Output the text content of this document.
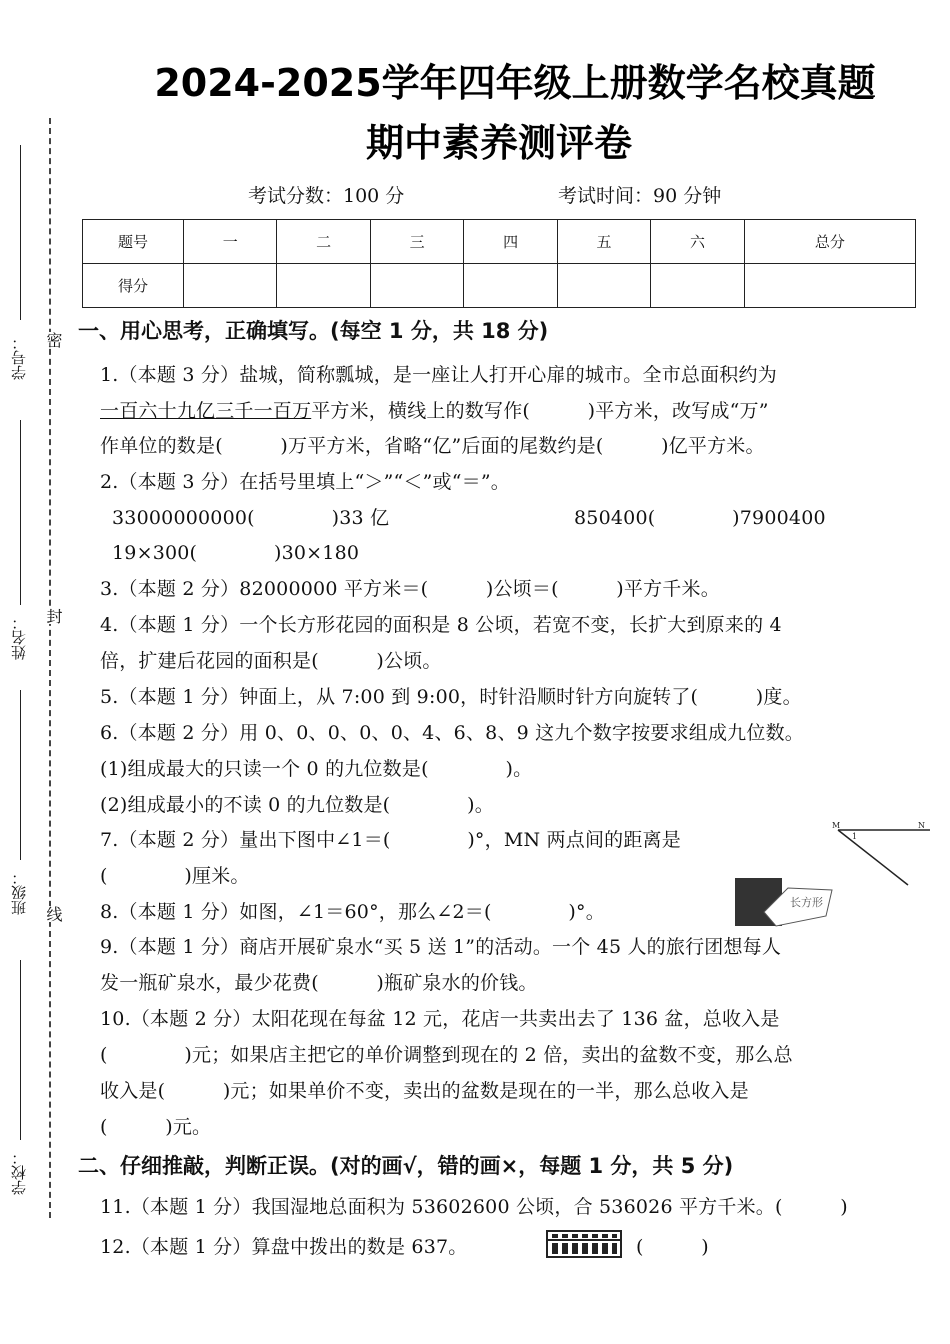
2024-2025学年四年级上册数学名校真题
期中素养测评卷
考试分数：100 分	考试时间：90 分钟
题号	一	二	三	四	五	六	总分
得分							
学号：
姓名：
班级：
学校：
密
封
线
一、用心思考，正确填写。(每空 1 分，共 18 分)
1.（本题 3 分）盐城，简称瓢城，是一座让人打开心扉的城市。全市总面积约为
一百六十九亿三千一百万平方米，横线上的数写作(　　　)平方米，改写成“万”
作单位的数是(　　　)万平方米，省略“亿”后面的尾数约是(　　　)亿平方米。
2.（本题 3 分）在括号里填上“＞”“＜”或“＝”。
33000000000(　　　　)33 亿	850400(　　　　)7900400
19×300(　　　　)30×180
3.（本题 2 分）82000000 平方米＝(　　　)公顷＝(　　　)平方千米。
4.（本题 1 分）一个长方形花园的面积是 8 公顷，若宽不变，长扩大到原来的 4
倍，扩建后花园的面积是(　　　)公顷。
5.（本题 1 分）钟面上，从 7:00 到 9:00，时针沿顺时针方向旋转了(　　　)度。
6.（本题 2 分）用 0、0、0、0、0、4、6、8、9 这九个数字按要求组成九位数。
(1)组成最大的只读一个 0 的九位数是(　　　　)。
(2)组成最小的不读 0 的九位数是(　　　　)。
7.（本题 2 分）量出下图中∠1＝(　　　　)°，MN 两点间的距离是
(　　　　)厘米。
M	N
1
8.（本题 1 分）如图，∠1＝60°，那么∠2＝(　　　　)°。	长方形
9.（本题 1 分）商店开展矿泉水“买 5 送 1”的活动。一个 45 人的旅行团想每人
发一瓶矿泉水，最少花费(　　　)瓶矿泉水的价钱。
10.（本题 2 分）太阳花现在每盆 12 元，花店一共卖出去了 136 盆，总收入是
(　　　　)元；如果店主把它的单价调整到现在的 2 倍，卖出的盆数不变，那么总
收入是(　　　)元；如果单价不变，卖出的盆数是现在的一半，那么总收入是
(　　　)元。
二、仔细推敲，判断正误。(对的画√，错的画×，每题 1 分，共 5 分)
11.（本题 1 分）我国湿地总面积为 53602600 公顷，合 536026 平方千米。(　　　)
12.（本题 1 分）算盘中拨出的数是 637。	(　　　)
